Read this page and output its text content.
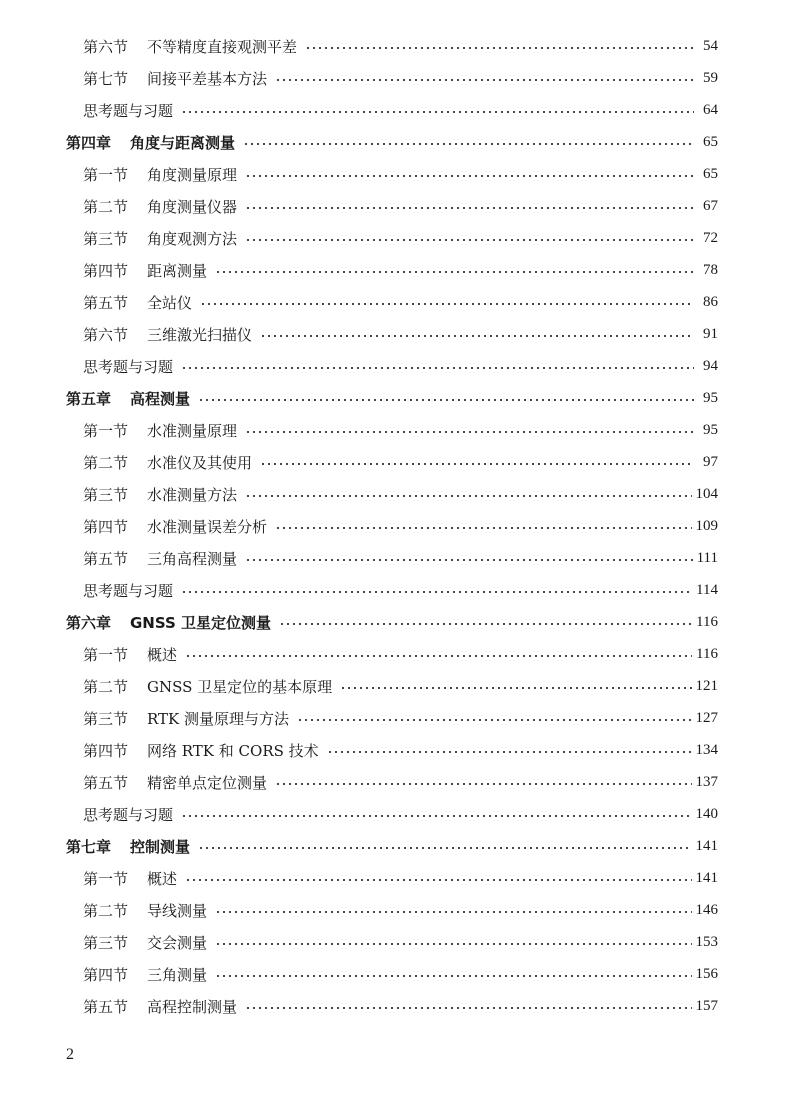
第六节	不等精度直接观测平差	54
第七节	间接平差基本方法	59
思考题与习题	64
第四章	角度与距离测量	65
第一节	角度测量原理	65
第二节	角度测量仪器	67
第三节	角度观测方法	72
第四节	距离测量	78
第五节	全站仪	86
第六节	三维激光扫描仪	91
思考题与习题	94
第五章	高程测量	95
第一节	水准测量原理	95
第二节	水准仪及其使用	97
第三节	水准测量方法	104
第四节	水准测量误差分析	109
第五节	三角高程测量	111
思考题与习题	114
第六章	GNSS 卫星定位测量	116
第一节	概述	116
第二节	GNSS 卫星定位的基本原理	121
第三节	RTK 测量原理与方法	127
第四节	网络 RTK 和 CORS 技术	134
第五节	精密单点定位测量	137
思考题与习题	140
第七章	控制测量	141
第一节	概述	141
第二节	导线测量	146
第三节	交会测量	153
第四节	三角测量	156
第五节	高程控制测量	157
2
